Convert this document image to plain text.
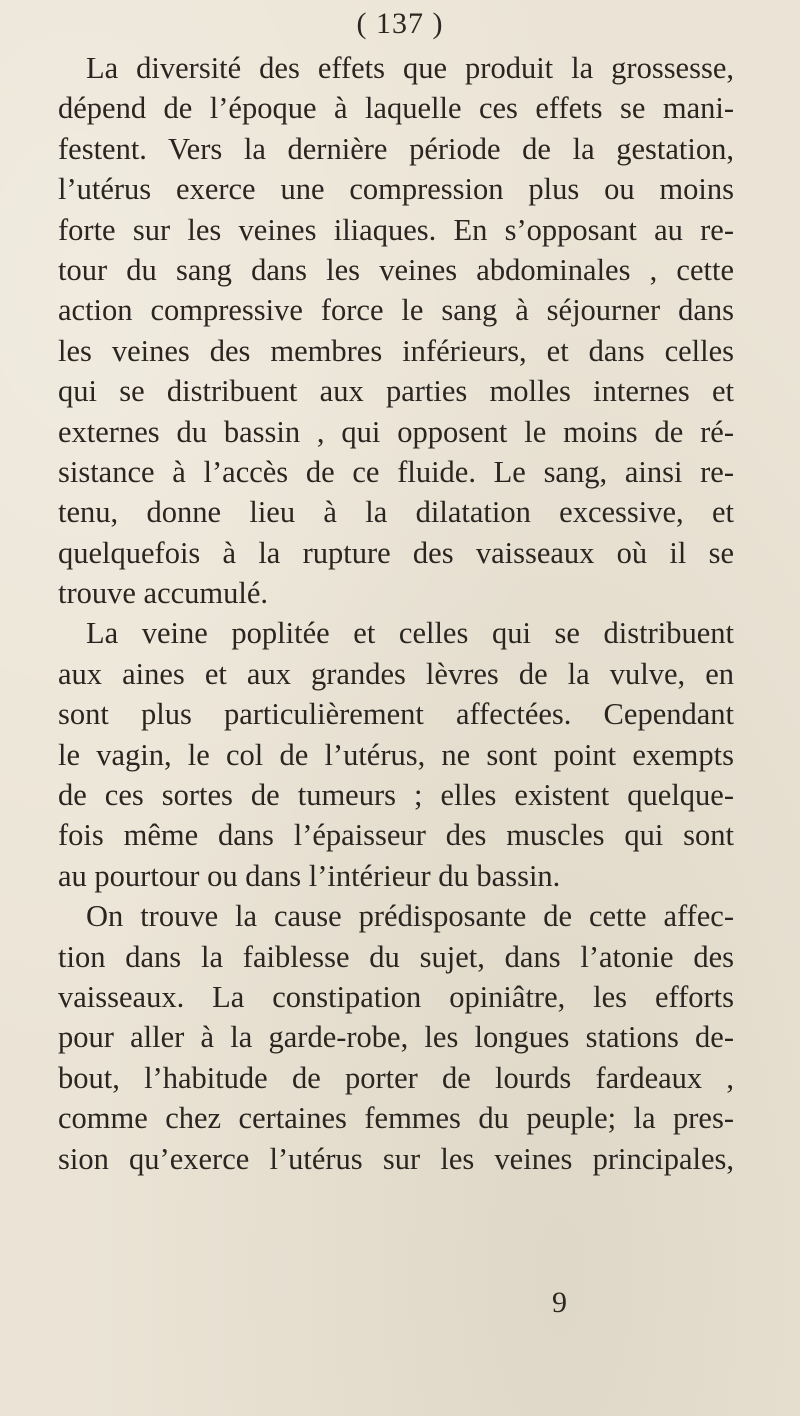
( 137 )
La diversité des effets que produit la grossesse,
dépend de l’époque à laquelle ces effets se mani-
festent. Vers la dernière période de la gestation,
l’utérus exerce une compression plus ou moins
forte sur les veines iliaques. En s’opposant au re-
tour du sang dans les veines abdominales , cette
action compressive force le sang à séjourner dans
les veines des membres inférieurs, et dans celles
qui se distribuent aux parties molles internes et
externes du bassin , qui opposent le moins de ré-
sistance à l’accès de ce fluide. Le sang, ainsi re-
tenu, donne lieu à la dilatation excessive, et
quelquefois à la rupture des vaisseaux où il se
trouve accumulé.
La veine poplitée et celles qui se distribuent
aux aines et aux grandes lèvres de la vulve, en
sont plus particulièrement affectées. Cependant
le vagin, le col de l’utérus, ne sont point exempts
de ces sortes de tumeurs ; elles existent quelque-
fois même dans l’épaisseur des muscles qui sont
au pourtour ou dans l’intérieur du bassin.
On trouve la cause prédisposante de cette affec-
tion dans la faiblesse du sujet, dans l’atonie des
vaisseaux. La constipation opiniâtre, les efforts
pour aller à la garde-robe, les longues stations de-
bout, l’habitude de porter de lourds fardeaux ,
comme chez certaines femmes du peuple; la pres-
sion qu’exerce l’utérus sur les veines principales,
9
